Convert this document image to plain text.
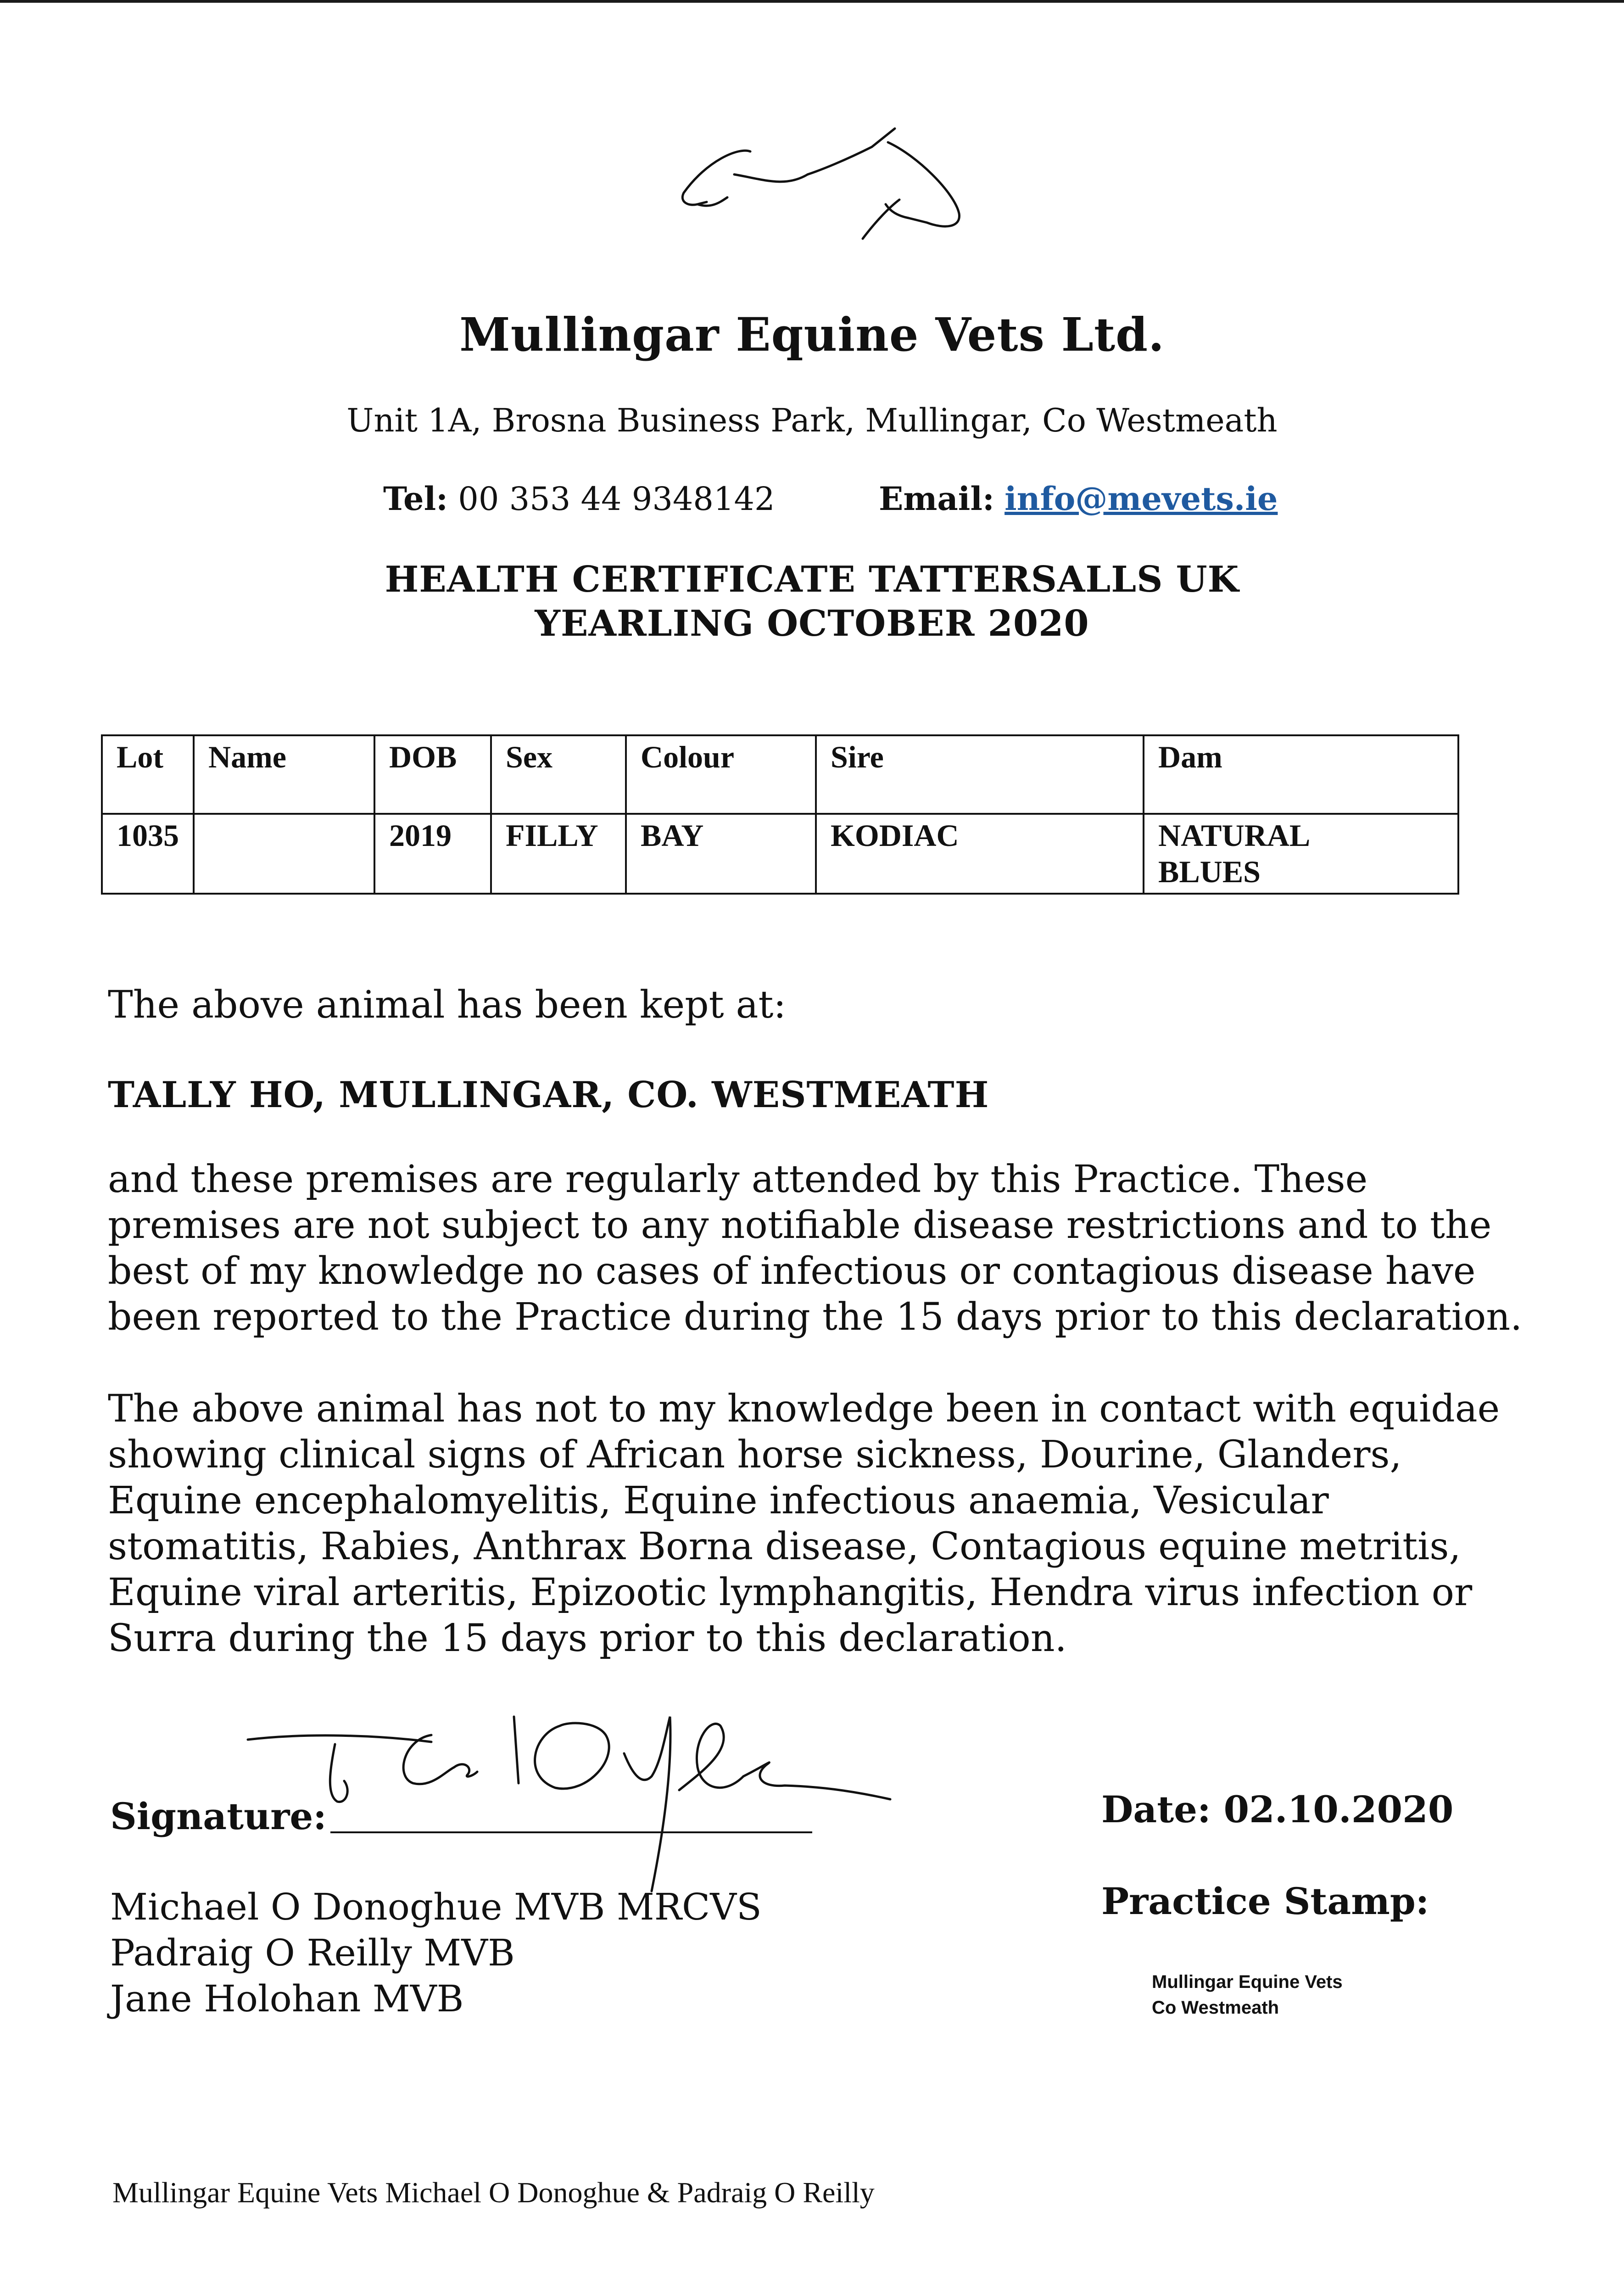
Mullingar Equine Vets Ltd.
Unit 1A, Brosna Business Park, Mullingar, Co Westmeath
Tel: 00 353 44 9348142	Email: info@mevets.ie
HEALTH CERTIFICATE TATTERSALLS UK
YEARLING OCTOBER 2020
Lot	Name	DOB	Sex	Colour	Sire	Dam
1035		2019	FILLY	BAY	KODIAC	NATURAL
BLUES
The above animal has been kept at:
TALLY HO, MULLINGAR, CO. WESTMEATH
and these premises are regularly attended by this Practice. These premises are not subject to any notifiable disease restrictions and to the best of my knowledge no cases of infectious or contagious disease have been reported to the Practice during the 15 days prior to this declaration.
The above animal has not to my knowledge been in contact with equidae showing clinical signs of African horse sickness, Dourine, Glanders, Equine encephalomyelitis, Equine infectious anaemia, Vesicular stomatitis, Rabies, Anthrax Borna disease, Contagious equine metritis, Equine viral arteritis, Epizootic lymphangitis, Hendra virus infection or Surra during the 15 days prior to this declaration.
Signature:
Michael O Donoghue MVB MRCVS
Padraig O Reilly MVB
Jane Holohan MVB
Date: 02.10.2020
Practice Stamp:
Mullingar Equine Vets
Co Westmeath
Mullingar Equine Vets Michael O Donoghue & Padraig O Reilly
